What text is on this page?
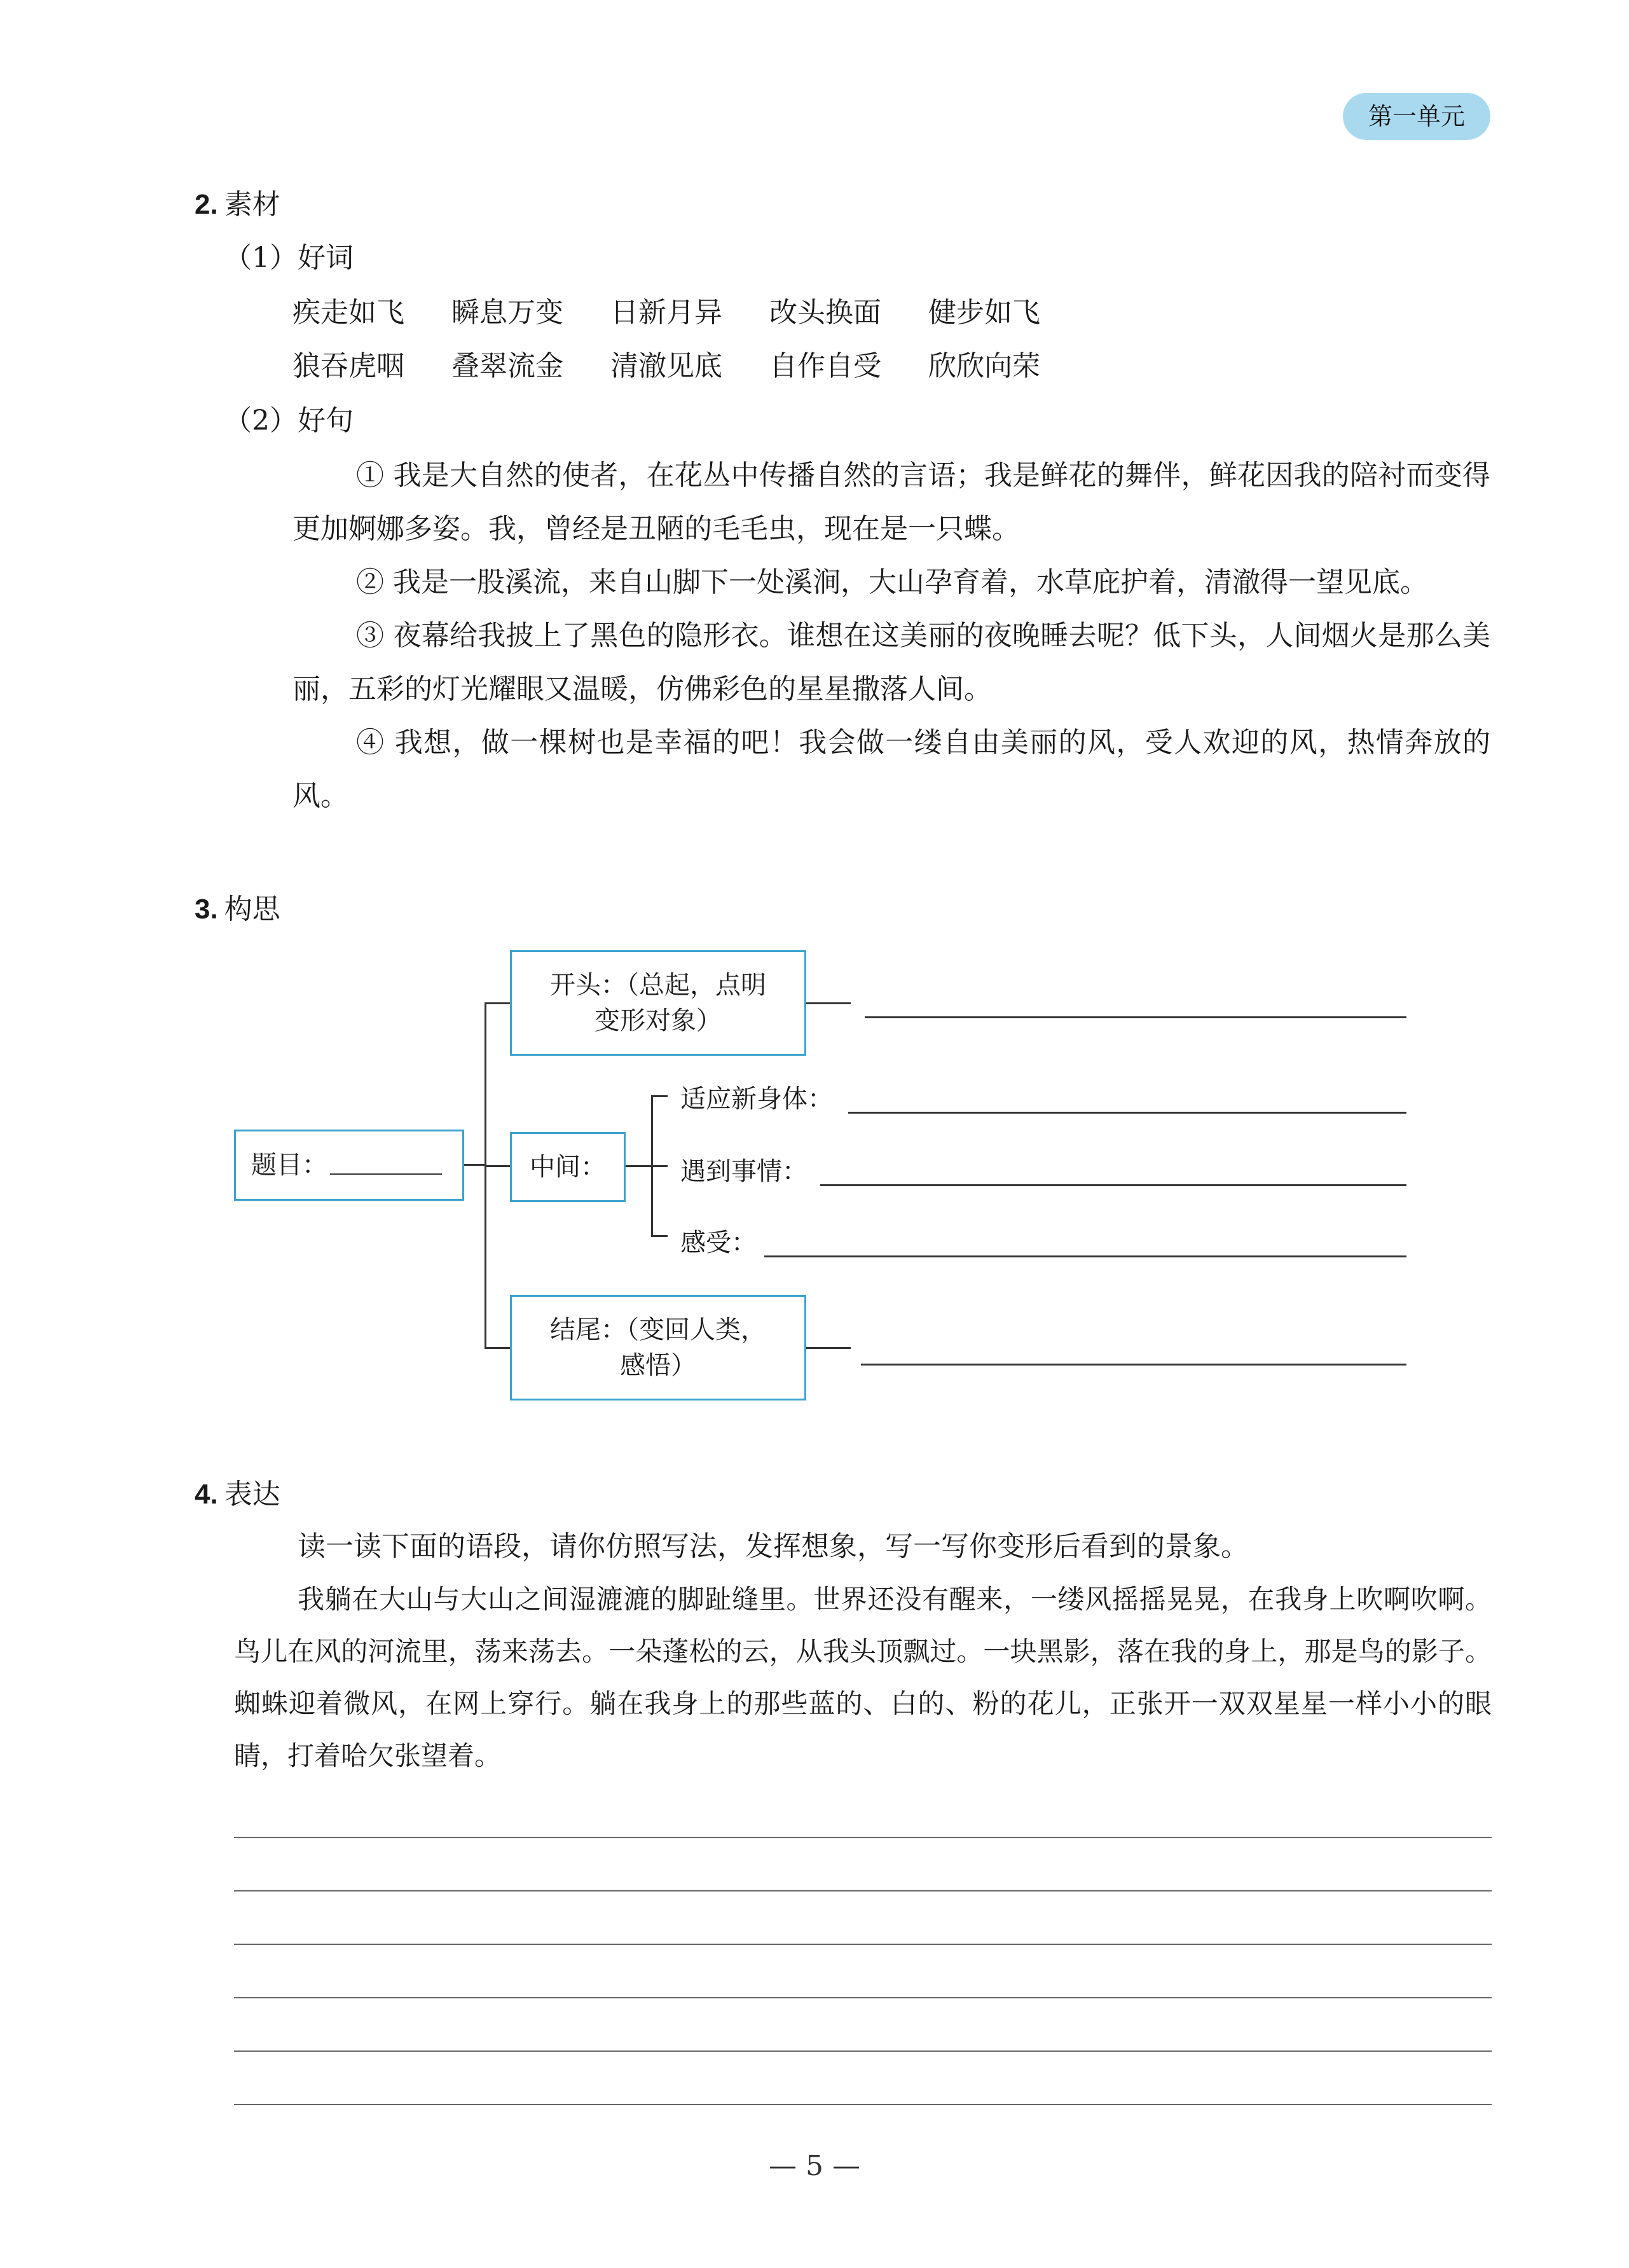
第一单元
2. 素材
（1）好词
疾走如飞 瞬息万变 日新月异 改头换面 健步如飞
狼吞虎咽 叠翠流金 清澈见底 自作自受 欣欣向荣
（2）好句

① 我是大自然的使者，在花丛中传播自然的言语；我是鲜花的舞伴，鲜花因我的陪衬而变得更加婀娜多姿。我，曾经是丑陋的毛毛虫，现在是一只蝶。

② 我是一股溪流，来自山脚下一处溪涧，大山孕育着，水草庇护着，清澈得一望见底。

③ 夜幕给我披上了黑色的隐形衣。谁想在这美丽的夜晚睡去呢？低下头，人间烟火是那么美丽，五彩的灯光耀眼又温暖，仿佛彩色的星星撒落人间。

④ 我想，做一棵树也是幸福的吧！我会做一缕自由美丽的风，受人欢迎的风，热情奔放的风。

3. 构思
题目：
开头：（总起，点明
变形对象）
中间：
结尾：（变回人类，
感悟）
适应新身体：
遇到事情：
感受：
4. 表达

读一读下面的语段，请你仿照写法，发挥想象，写一写你变形后看到的景象。

我躺在大山与大山之间湿漉漉的脚趾缝里。世界还没有醒来，一缕风摇摇晃晃，在我身上吹啊吹啊。鸟儿在风的河流里，荡来荡去。一朵蓬松的云，从我头顶飘过。一块黑影，落在我的身上，那是鸟的影子。蜘蛛迎着微风，在网上穿行。躺在我身上的那些蓝的、白的、粉的花儿，正张开一双双星星一样小小的眼睛，打着哈欠张望着。

— 5 —
